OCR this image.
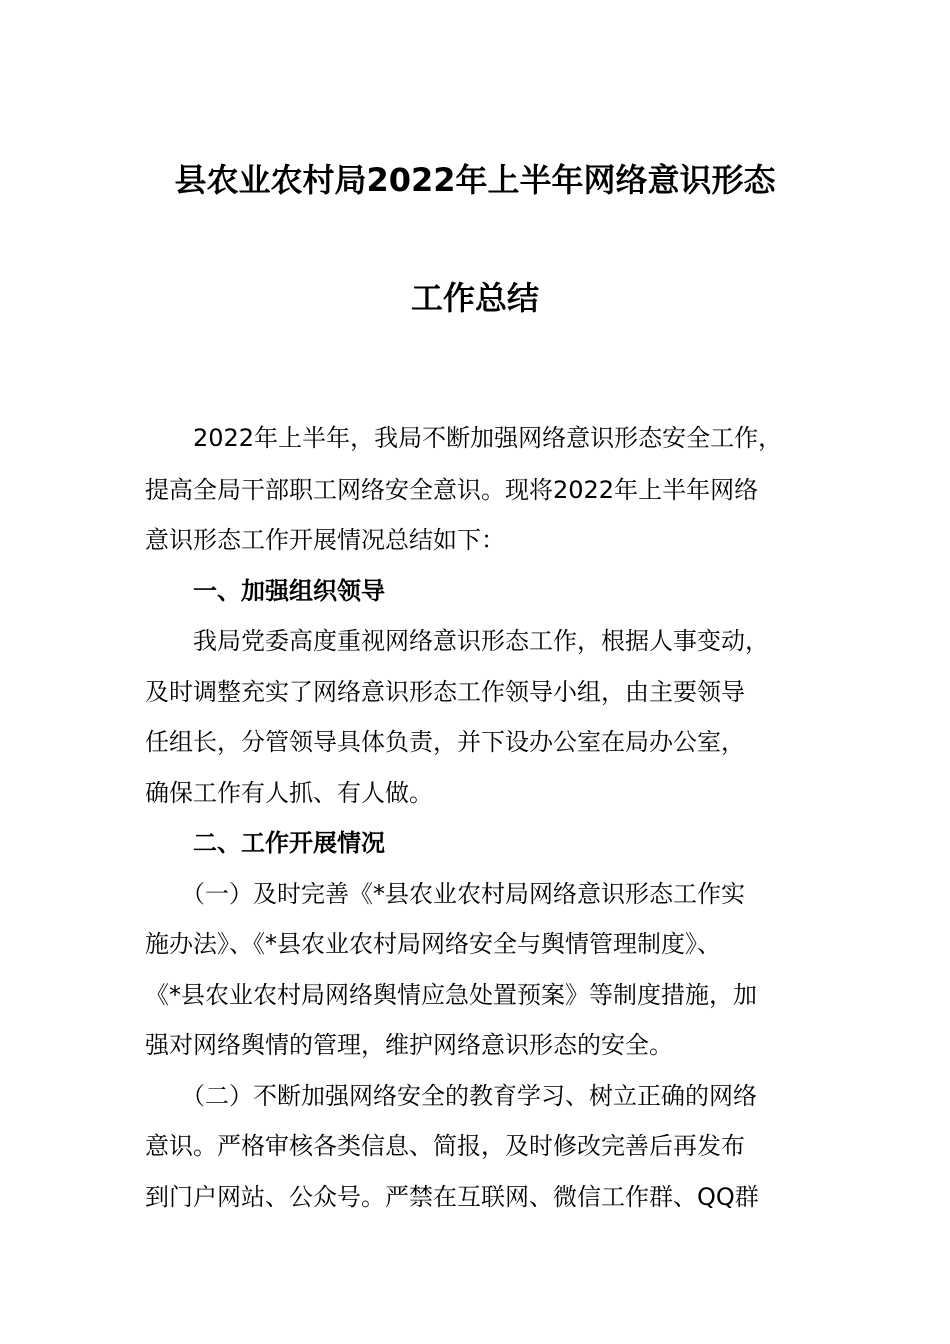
县农业农村局2022年上半年网络意识形态
工作总结
　　2022年上半年，我局不断加强网络意识形态安全工作，
提高全局干部职工网络安全意识。现将2022年上半年网络
意识形态工作开展情况总结如下：
　　一、加强组织领导
　　我局党委高度重视网络意识形态工作，根据人事变动，
及时调整充实了网络意识形态工作领导小组，由主要领导
任组长，分管领导具体负责，并下设办公室在局办公室，
确保工作有人抓、有人做。
　　二、工作开展情况
　　（一）及时完善《*县农业农村局网络意识形态工作实
施办法》、《*县农业农村局网络安全与舆情管理制度》、
《*县农业农村局网络舆情应急处置预案》等制度措施，加
强对网络舆情的管理，维护网络意识形态的安全。
　　（二）不断加强网络安全的教育学习、树立正确的网络
意识。严格审核各类信息、简报，及时修改完善后再发布
到门户网站、公众号。严禁在互联网、微信工作群、QQ群
